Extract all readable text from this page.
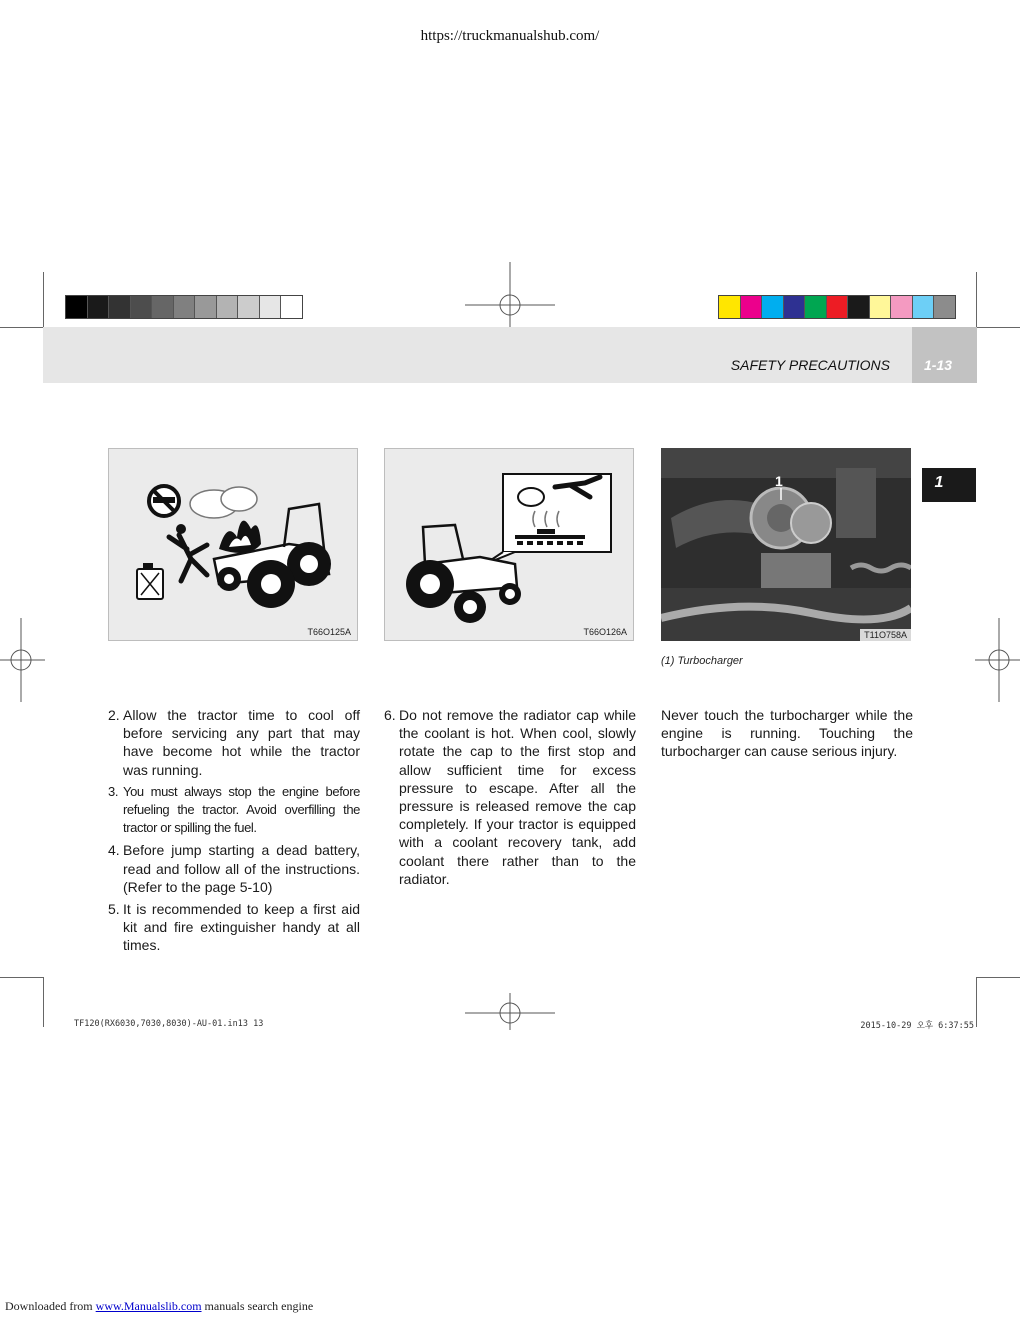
https://truckmanualshub.com/
SAFETY PRECAUTIONS	1-13
1
T66O125A	T66O126A
1
T11O758A
(1) Turbocharger
2. Allow the tractor time to cool off before servicing any part that may have become hot while the tractor was running.
3. You must always stop the engine before refueling the tractor. Avoid overfilling the tractor or spilling the fuel.
4. Before jump starting a dead battery, read and follow all of the instructions. (Refer to the page 5-10)
5. It is recommended to keep a first aid kit and fire extinguisher handy at all times.
6. Do not remove the radiator cap while the coolant is hot. When cool, slowly rotate the cap to the first stop and allow sufficient time for excess pressure to escape. After all the pressure is released remove the cap completely. If your tractor is equipped with a coolant recovery tank, add coolant there rather than to the radiator.
Never touch the turbocharger while the engine is running. Touching the turbocharger can cause serious injury.
TF120(RX6030,7030,8030)-AU-01.in13 13	2015-10-29 오후 6:37:55
Downloaded from www.Manualslib.com manuals search engine
